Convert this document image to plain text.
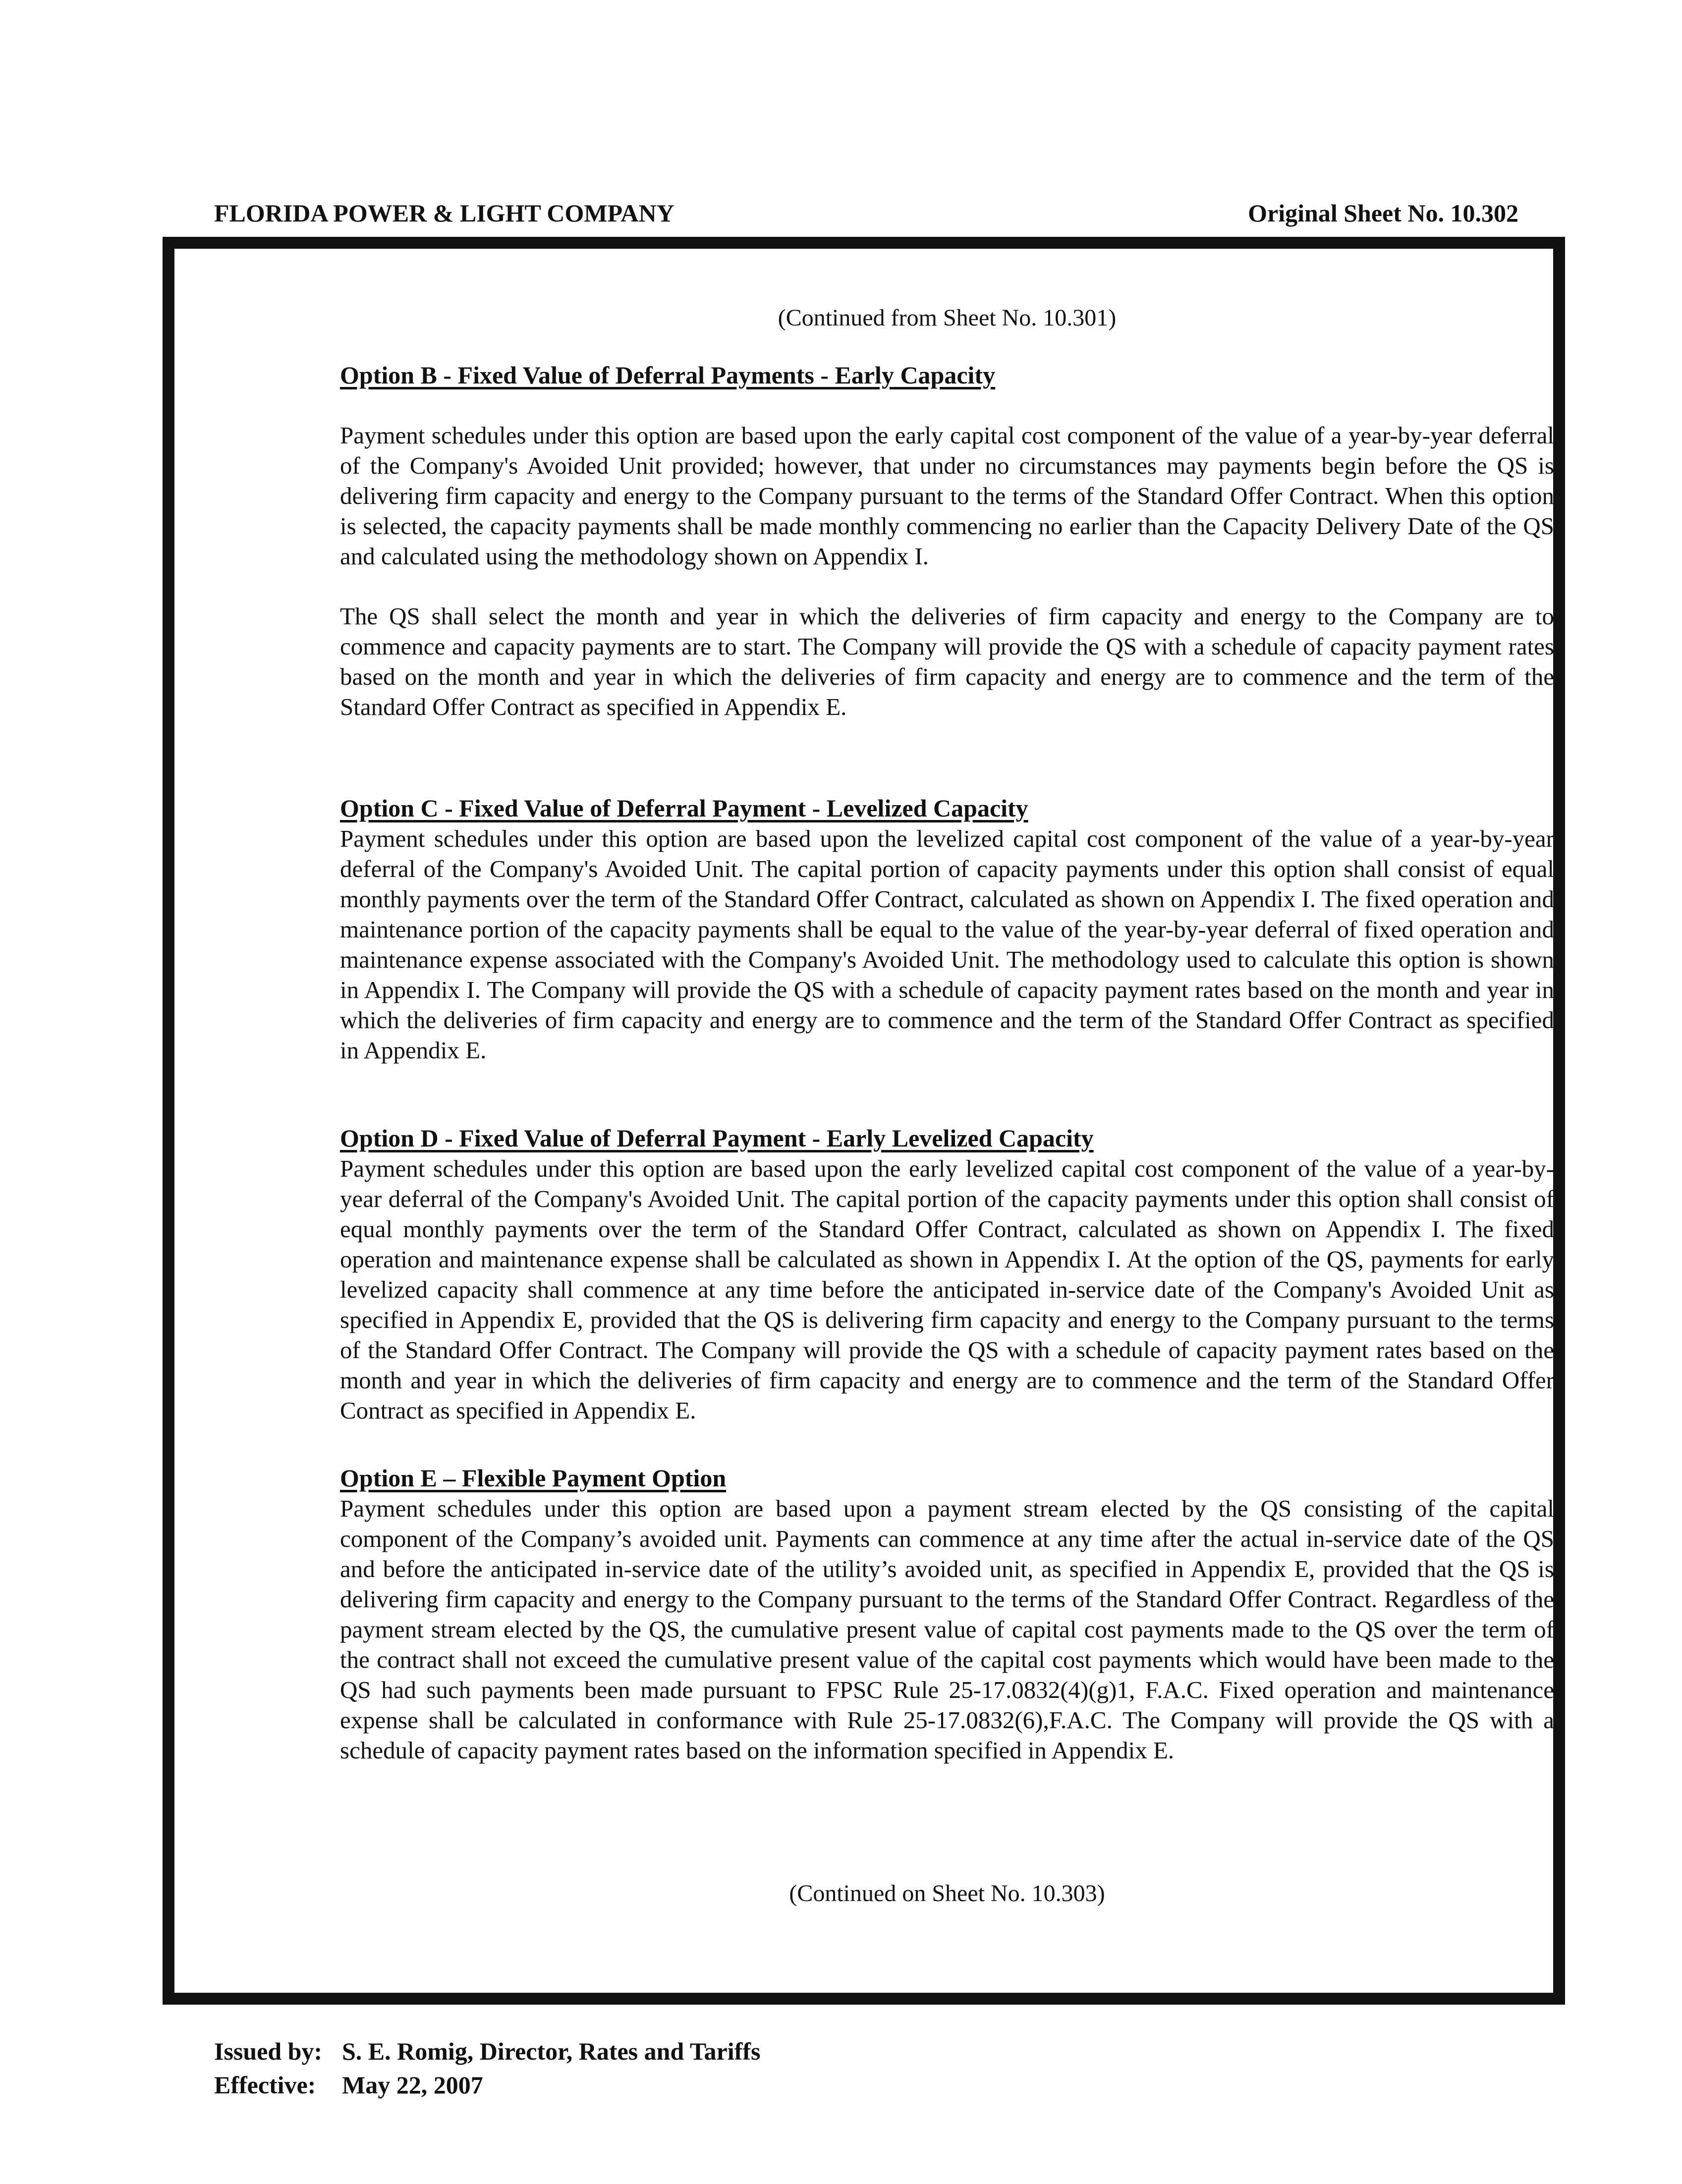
FLORIDA POWER & LIGHT COMPANY	Original Sheet No. 10.302
(Continued from Sheet No. 10.301)

Option B - Fixed Value of Deferral Payments - Early Capacity

Payment schedules under this option are based upon the early capital cost component of the value of a year-by-year deferral of the Company's Avoided Unit provided; however, that under no circumstances may payments begin before the QS is delivering firm capacity and energy to the Company pursuant to the terms of the Standard Offer Contract. When this option is selected, the capacity payments shall be made monthly commencing no earlier than the Capacity Delivery Date of the QS and calculated using the methodology shown on Appendix I.

The QS shall select the month and year in which the deliveries of firm capacity and energy to the Company are to commence and capacity payments are to start. The Company will provide the QS with a schedule of capacity payment rates based on the month and year in which the deliveries of firm capacity and energy are to commence and the term of the Standard Offer Contract as specified in Appendix E.

Option C - Fixed Value of Deferral Payment - Levelized Capacity

Payment schedules under this option are based upon the levelized capital cost component of the value of a year-by-year deferral of the Company's Avoided Unit. The capital portion of capacity payments under this option shall consist of equal monthly payments over the term of the Standard Offer Contract, calculated as shown on Appendix I. The fixed operation and maintenance portion of the capacity payments shall be equal to the value of the year-by-year deferral of fixed operation and maintenance expense associated with the Company's Avoided Unit. The methodology used to calculate this option is shown in Appendix I. The Company will provide the QS with a schedule of capacity payment rates based on the month and year in which the deliveries of firm capacity and energy are to commence and the term of the Standard Offer Contract as specified in Appendix E.

Option D - Fixed Value of Deferral Payment - Early Levelized Capacity

Payment schedules under this option are based upon the early levelized capital cost component of the value of a year-by-year deferral of the Company's Avoided Unit. The capital portion of the capacity payments under this option shall consist of equal monthly payments over the term of the Standard Offer Contract, calculated as shown on Appendix I. The fixed operation and maintenance expense shall be calculated as shown in Appendix I. At the option of the QS, payments for early levelized capacity shall commence at any time before the anticipated in-service date of the Company's Avoided Unit as specified in Appendix E, provided that the QS is delivering firm capacity and energy to the Company pursuant to the terms of the Standard Offer Contract. The Company will provide the QS with a schedule of capacity payment rates based on the month and year in which the deliveries of firm capacity and energy are to commence and the term of the Standard Offer Contract as specified in Appendix E.

Option E – Flexible Payment Option

Payment schedules under this option are based upon a payment stream elected by the QS consisting of the capital component of the Company’s avoided unit. Payments can commence at any time after the actual in-service date of the QS and before the anticipated in-service date of the utility’s avoided unit, as specified in Appendix E, provided that the QS is delivering firm capacity and energy to the Company pursuant to the terms of the Standard Offer Contract. Regardless of the payment stream elected by the QS, the cumulative present value of capital cost payments made to the QS over the term of the contract shall not exceed the cumulative present value of the capital cost payments which would have been made to the QS had such payments been made pursuant to FPSC Rule 25-17.0832(4)(g)1, F.A.C. Fixed operation and maintenance expense shall be calculated in conformance with Rule 25-17.0832(6),F.A.C. The Company will provide the QS with a schedule of capacity payment rates based on the information specified in Appendix E.

(Continued on Sheet No. 10.303)
Issued by: S. E. Romig, Director, Rates and Tariffs
Effective:	May 22, 2007
